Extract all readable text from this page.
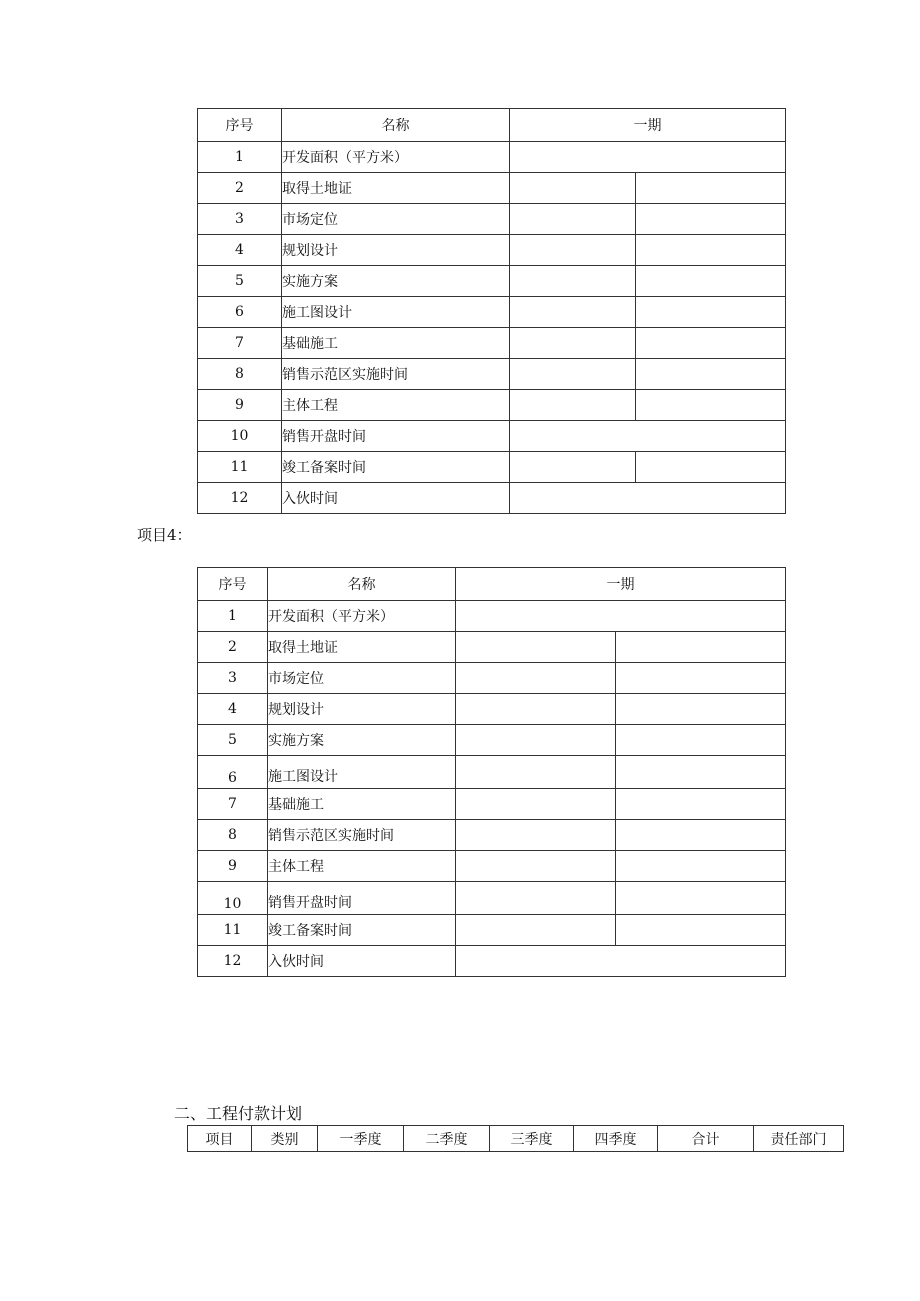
序号	名称	一期	
1	开发面积（平方米）		
2	取得土地证		
3	市场定位		
4	规划设计		
5	实施方案		
6	施工图设计		
7	基础施工		
8	销售示范区实施时间		
9	主体工程		
10	销售开盘时间		
11	竣工备案时间		
12	入伙时间		
项目4：
序号	名称	一期	
1	开发面积（平方米）		
2	取得土地证		
3	市场定位		
4	规划设计		
5	实施方案		
6	施工图设计		
7	基础施工		
8	销售示范区实施时间		
9	主体工程		
10	销售开盘时间		
11	竣工备案时间		
12	入伙时间		
二、工程付款计划
项目	类别	一季度	二季度	三季度	四季度	合计	责任部门
